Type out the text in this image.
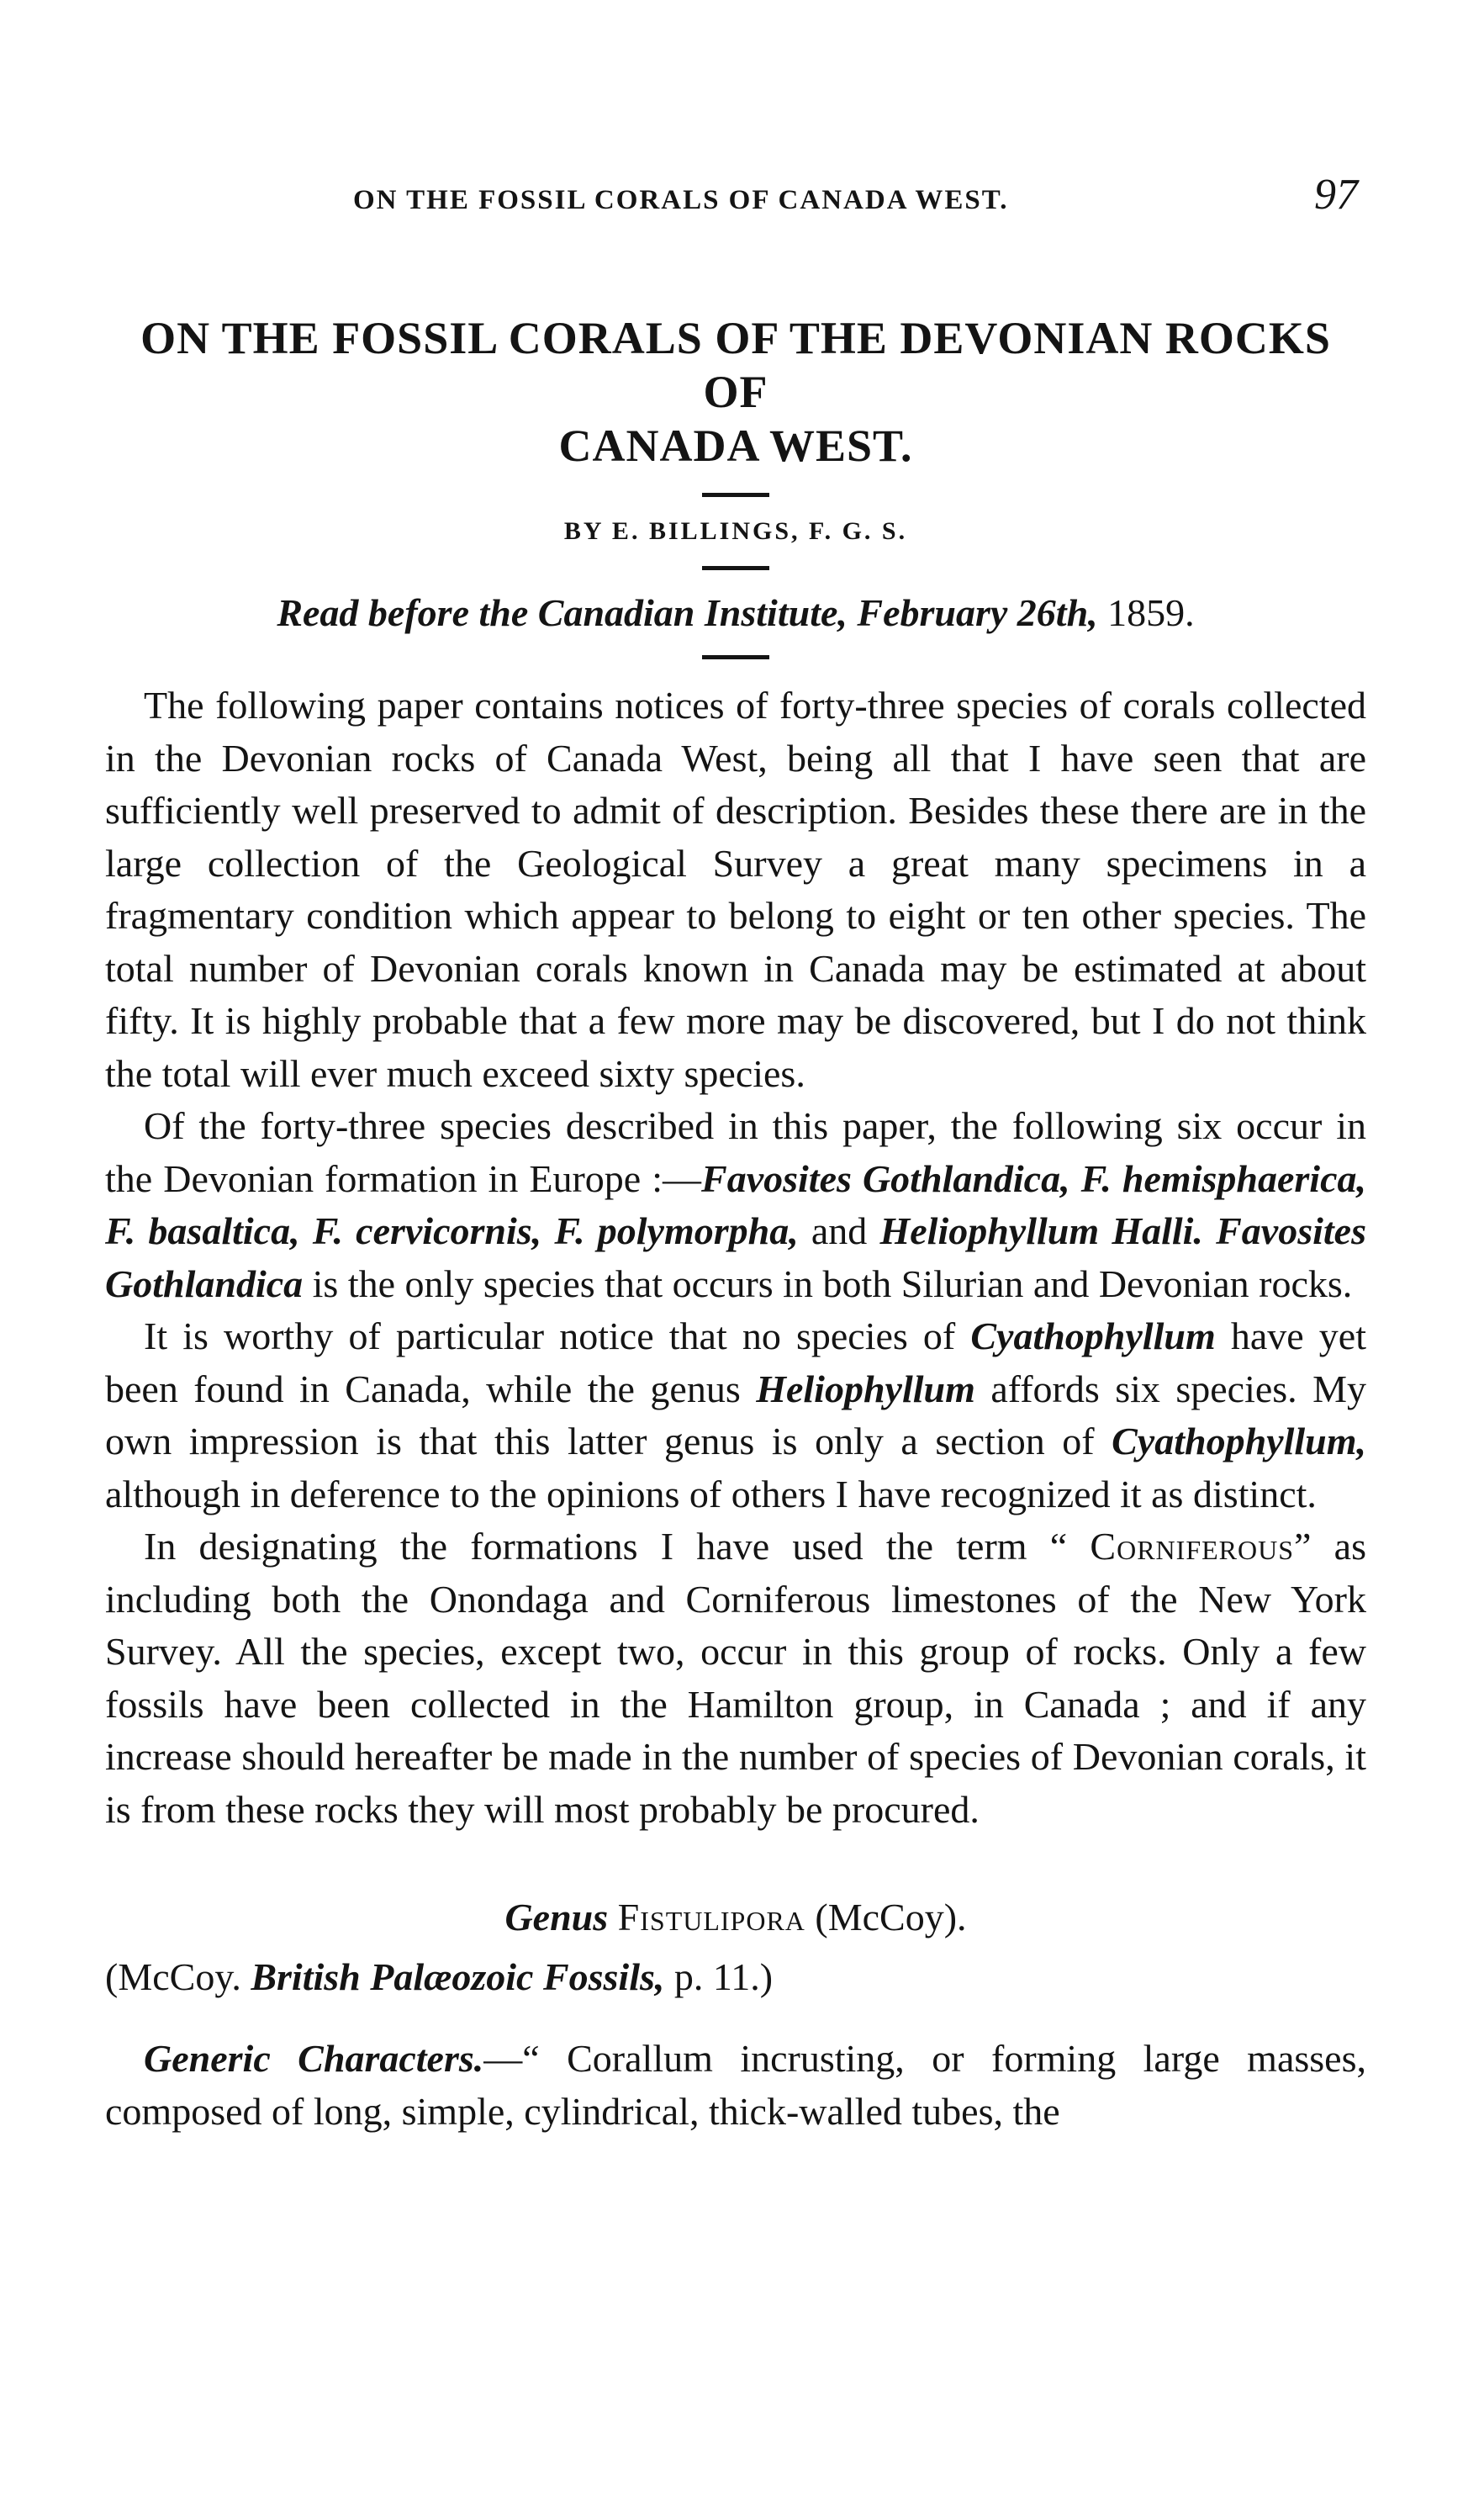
ON THE FOSSIL CORALS OF CANADA WEST.	97
ON THE FOSSIL CORALS OF THE DEVONIAN ROCKS OF
CANADA WEST.
BY E. BILLINGS, F. G. S.
Read before the Canadian Institute, February 26th, 1859.

The following paper contains notices of forty-three species of corals collected in the Devonian rocks of Canada West, being all that I have seen that are sufficiently well preserved to admit of description. Besides these there are in the large collection of the Geological Survey a great many specimens in a fragmentary condition which appear to belong to eight or ten other species. The total number of Devonian corals known in Canada may be estimated at about fifty. It is highly probable that a few more may be discovered, but I do not think the total will ever much exceed sixty species.

Of the forty-three species described in this paper, the following six occur in the Devonian formation in Europe :—Favosites Gothlandica, F. hemisphaerica, F. basaltica, F. cervicornis, F. polymorpha, and Heliophyllum Halli. Favosites Gothlandica is the only species that occurs in both Silurian and Devonian rocks.

It is worthy of particular notice that no species of Cyathophyllum have yet been found in Canada, while the genus Heliophyllum affords six species. My own impression is that this latter genus is only a section of Cyathophyllum, although in deference to the opinions of others I have recognized it as distinct.

In designating the formations I have used the term “ Corniferous” as including both the Onondaga and Corniferous limestones of the New York Survey. All the species, except two, occur in this group of rocks. Only a few fossils have been collected in the Hamilton group, in Canada ; and if any increase should hereafter be made in the number of species of Devonian corals, it is from these rocks they will most probably be procured.

Genus Fistulipora (McCoy).
(McCoy. British Palæozoic Fossils, p. 11.)

Generic Characters.—“ Corallum incrusting, or forming large masses, composed of long, simple, cylindrical, thick-walled tubes, the
